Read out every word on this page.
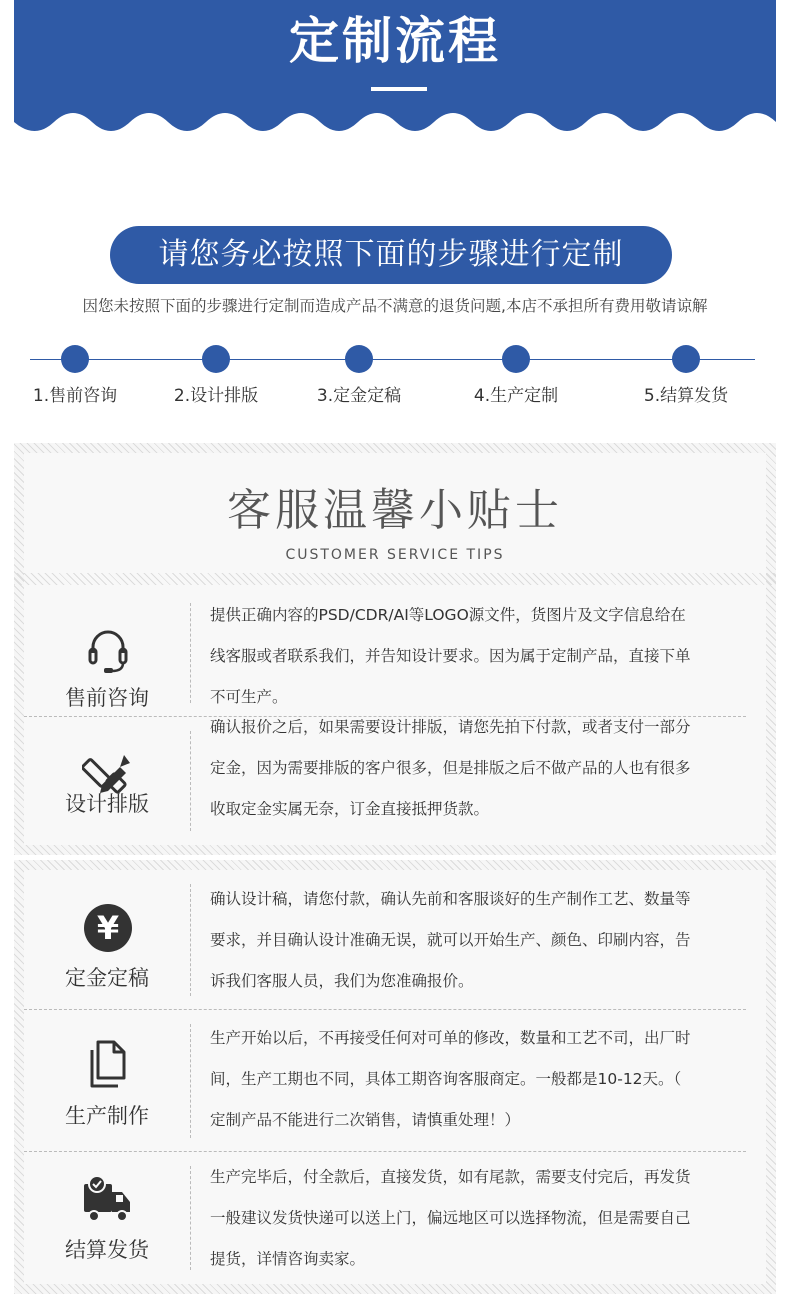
定制流程
请您务必按照下面的步骤进行定制
因您未按照下面的步骤进行定制而造成产品不满意的退货问题,本店不承担所有费用敬请谅解
1.售前咨询	2.设计排版	3.定金定稿	4.生产定制	5.结算发货
客服温馨小贴士
CUSTOMER SERVICE TIPS
售前咨询
提供正确内容的PSD/CDR/AI等LOGO源文件，货图片及文字信息给在
线客服或者联系我们，并告知设计要求。因为属于定制产品，直接下单
不可生产。
设计排版
确认报价之后，如果需要设计排版，请您先拍下付款，或者支付一部分
定金，因为需要排版的客户很多，但是排版之后不做产品的人也有很多
收取定金实属无奈，订金直接抵押货款。
¥
定金定稿
确认设计稿，请您付款，确认先前和客服谈好的生产制作工艺、数量等
要求，并目确认设计准确无误，就可以开始生产、颜色、印刷内容，告
诉我们客服人员，我们为您准确报价。
生产制作
生产开始以后，不再接受任何对可单的修改，数量和工艺不司，出厂时
间，生产工期也不同，具体工期咨询客服商定。一般都是10-12天。（
定制产品不能进行二次销售，请慎重处理！）
结算发货
生产完毕后，付全款后，直接发货，如有尾款，需要支付完后，再发货
一般建议发货快递可以送上门，偏远地区可以选择物流，但是需要自己
提货，详情咨询卖家。
